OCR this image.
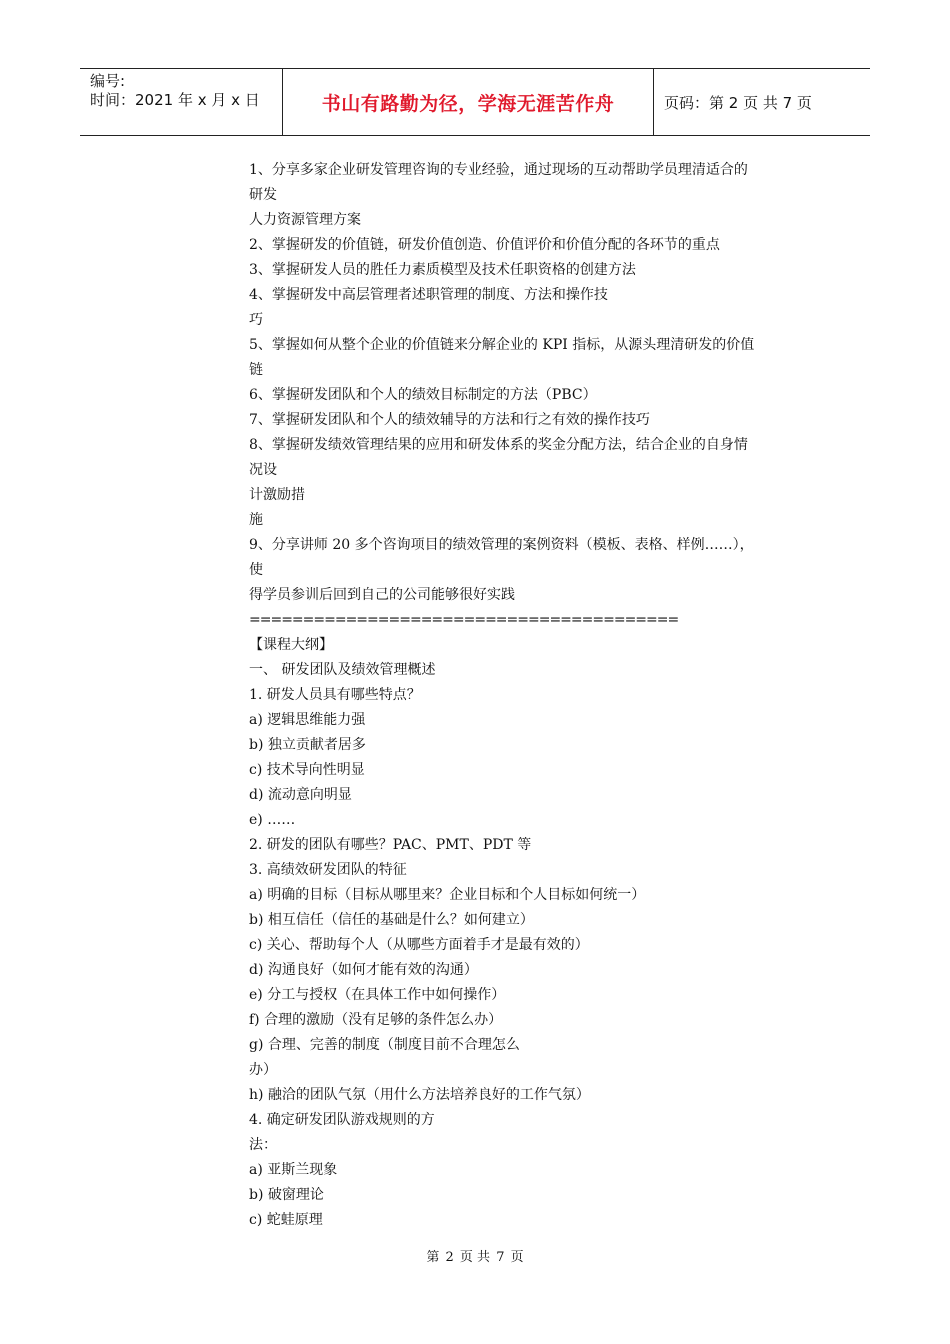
编号:
时间：2021 年 x 月 x 日	书山有路勤为径，学海无涯苦作舟	页码：第 2 页 共 7 页
1、分享多家企业研发管理咨询的专业经验，通过现场的互动帮助学员理清适合的
研发
人力资源管理方案
2、掌握研发的价值链，研发价值创造、价值评价和价值分配的各环节的重点
3、掌握研发人员的胜任力素质模型及技术任职资格的创建方法
4、掌握研发中高层管理者述职管理的制度、方法和操作技
巧
5、掌握如何从整个企业的价值链来分解企业的 KPI 指标，从源头理清研发的价值
链
6、掌握研发团队和个人的绩效目标制定的方法（PBC）
7、掌握研发团队和个人的绩效辅导的方法和行之有效的操作技巧
8、掌握研发绩效管理结果的应用和研发体系的奖金分配方法，结合企业的自身情
况设
计激励措
施
9、分享讲师 20 多个咨询项目的绩效管理的案例资料（模板、表格、样例……），
使
得学员参训后回到自己的公司能够很好实践
========================================
【课程大纲】
一、 研发团队及绩效管理概述
1. 研发人员具有哪些特点？
a) 逻辑思维能力强
b) 独立贡献者居多
c) 技术导向性明显
d) 流动意向明显
e) ……
2. 研发的团队有哪些？PAC、PMT、PDT 等
3. 高绩效研发团队的特征
a) 明确的目标（目标从哪里来？企业目标和个人目标如何统一）
b) 相互信任（信任的基础是什么？如何建立）
c) 关心、帮助每个人（从哪些方面着手才是最有效的）
d) 沟通良好（如何才能有效的沟通）
e) 分工与授权（在具体工作中如何操作）
f) 合理的激励（没有足够的条件怎么办）
g) 合理、完善的制度（制度目前不合理怎么
办）
h) 融洽的团队气氛（用什么方法培养良好的工作气氛）
4. 确定研发团队游戏规则的方
法：
a) 亚斯兰现象
b) 破窗理论
c) 蛇蛙原理
第 2 页 共 7 页
